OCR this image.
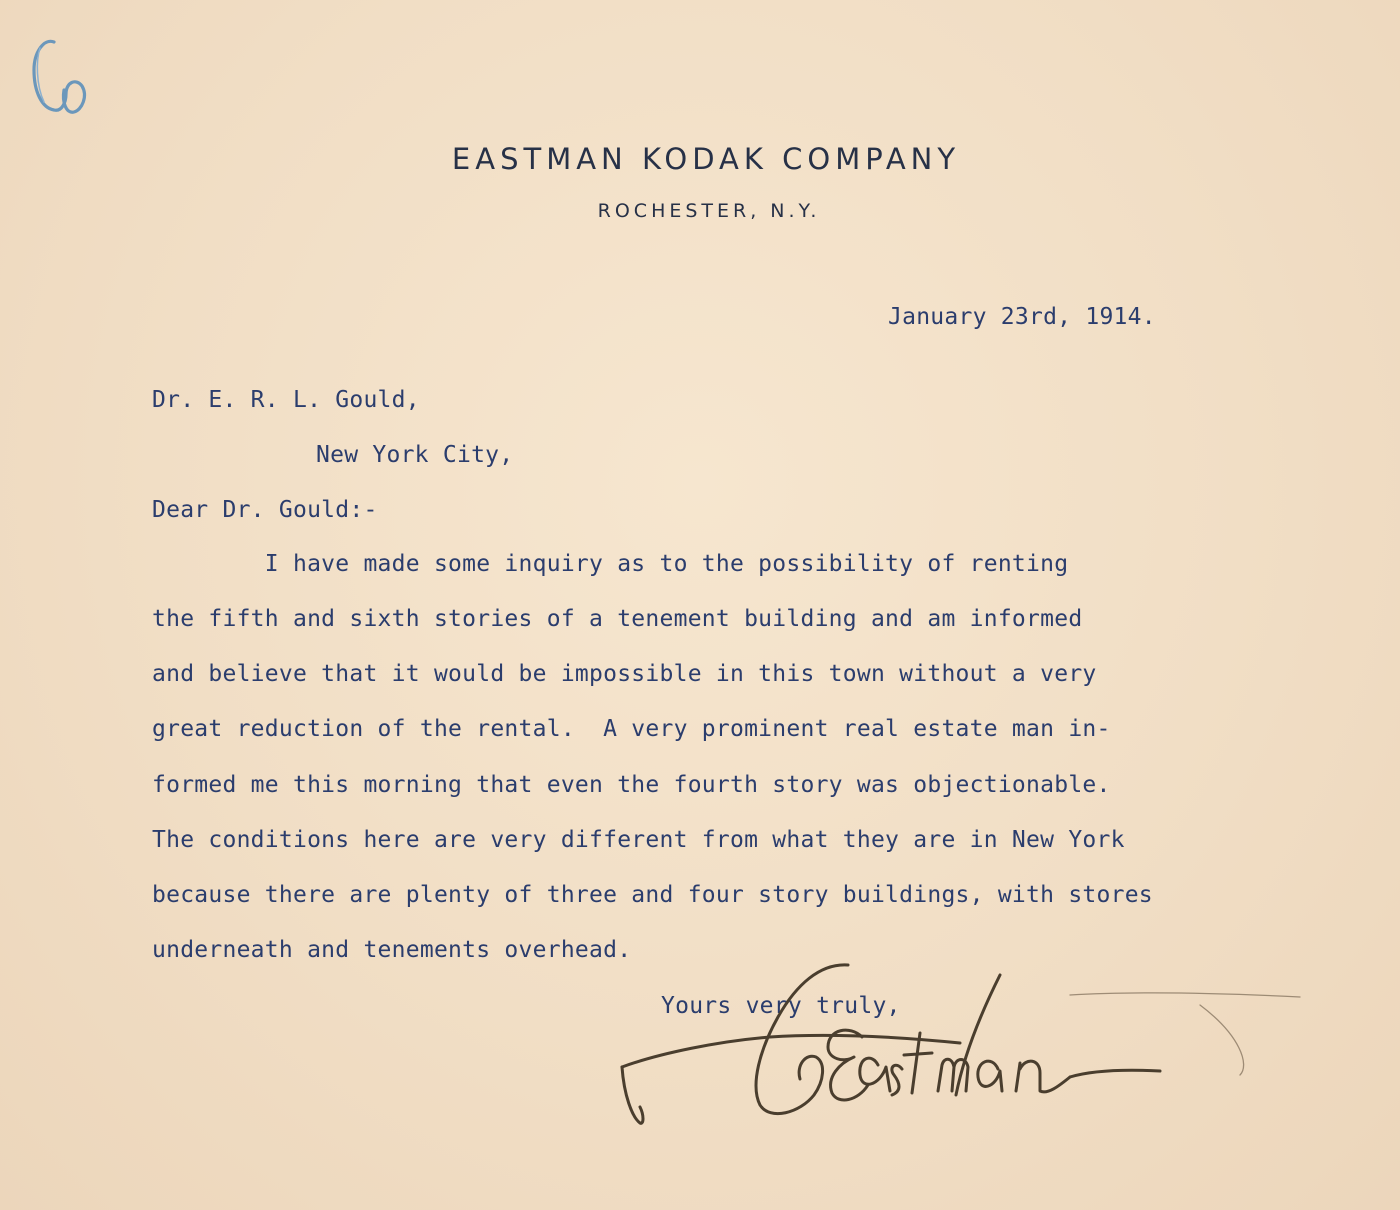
EASTMAN KODAK COMPANY
ROCHESTER, N.Y.
January 23rd, 1914.
Dr. E. R. L. Gould,
New York City,
Dear Dr. Gould:-
I have made some inquiry as to the possibility of renting
the fifth and sixth stories of a tenement building and am informed
and believe that it would be impossible in this town without a very
great reduction of the rental.  A very prominent real estate man in-
formed me this morning that even the fourth story was objectionable.
The conditions here are very different from what they are in New York
because there are plenty of three and four story buildings, with stores
underneath and tenements overhead.
Yours very truly,
